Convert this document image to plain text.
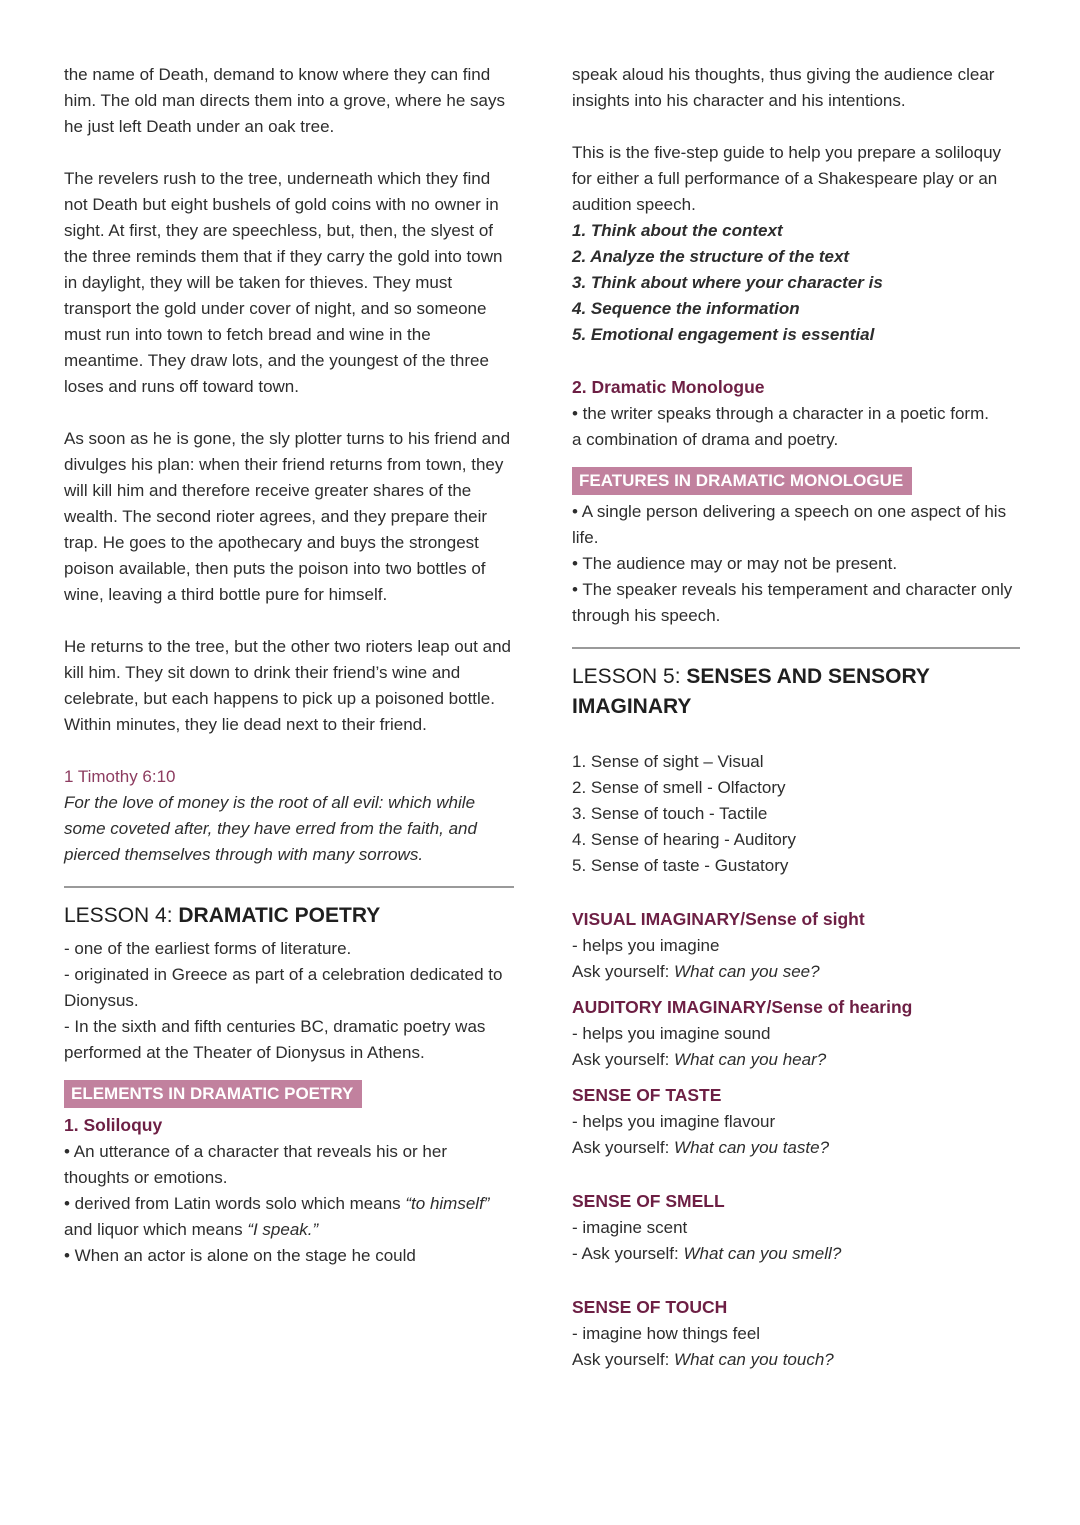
the name of Death, demand to know where they can find him. The old man directs them into a grove, where he says he just left Death under an oak tree.

The revelers rush to the tree, underneath which they find not Death but eight bushels of gold coins with no owner in sight. At first, they are speechless, but, then, the slyest of the three reminds them that if they carry the gold into town in daylight, they will be taken for thieves. They must transport the gold under cover of night, and so someone must run into town to fetch bread and wine in the meantime. They draw lots, and the youngest of the three loses and runs off toward town.

As soon as he is gone, the sly plotter turns to his friend and divulges his plan: when their friend returns from town, they will kill him and therefore receive greater shares of the wealth. The second rioter agrees, and they prepare their trap. He goes to the apothecary and buys the strongest poison available, then puts the poison into two bottles of wine, leaving a third bottle pure for himself.

He returns to the tree, but the other two rioters leap out and kill him. They sit down to drink their friend’s wine and celebrate, but each happens to pick up a poisoned bottle. Within minutes, they lie dead next to their friend.

1 Timothy 6:10

For the love of money is the root of all evil: which while some coveted after, they have erred from the faith, and pierced themselves through with many sorrows.

LESSON 4: DRAMATIC POETRY

- one of the earliest forms of literature.

- originated in Greece as part of a celebration dedicated to Dionysus.

- In the sixth and fifth centuries BC, dramatic poetry was performed at the Theater of Dionysus in Athens.

ELEMENTS IN DRAMATIC POETRY
1. Soliloquy

• An utterance of a character that reveals his or her thoughts or emotions.

• derived from Latin words solo which means “to himself” and liquor which means “I speak.”

• When an actor is alone on the stage he could

speak aloud his thoughts, thus giving the audience clear insights into his character and his intentions.

This is the five-step guide to help you prepare a soliloquy for either a full performance of a Shakespeare play or an audition speech.

1. Think about the context

2. Analyze the structure of the text

3. Think about where your character is

4. Sequence the information

5. Emotional engagement is essential

2. Dramatic Monologue

• the writer speaks through a character in a poetic form.

a combination of drama and poetry.

FEATURES IN DRAMATIC MONOLOGUE

• A single person delivering a speech on one aspect of his life.

• The audience may or may not be present.

• The speaker reveals his temperament and character only through his speech.

LESSON 5: SENSES AND SENSORY IMAGINARY

1. Sense of sight – Visual

2. Sense of smell - Olfactory

3. Sense of touch - Tactile

4. Sense of hearing - Auditory

5. Sense of taste - Gustatory

VISUAL IMAGINARY/Sense of sight

- helps you imagine

Ask yourself: What can you see?

AUDITORY IMAGINARY/Sense of hearing

- helps you imagine sound

Ask yourself: What can you hear?

SENSE OF TASTE

- helps you imagine flavour

Ask yourself: What can you taste?

SENSE OF SMELL

- imagine scent

- Ask yourself: What can you smell?

SENSE OF TOUCH

- imagine how things feel

Ask yourself: What can you touch?
